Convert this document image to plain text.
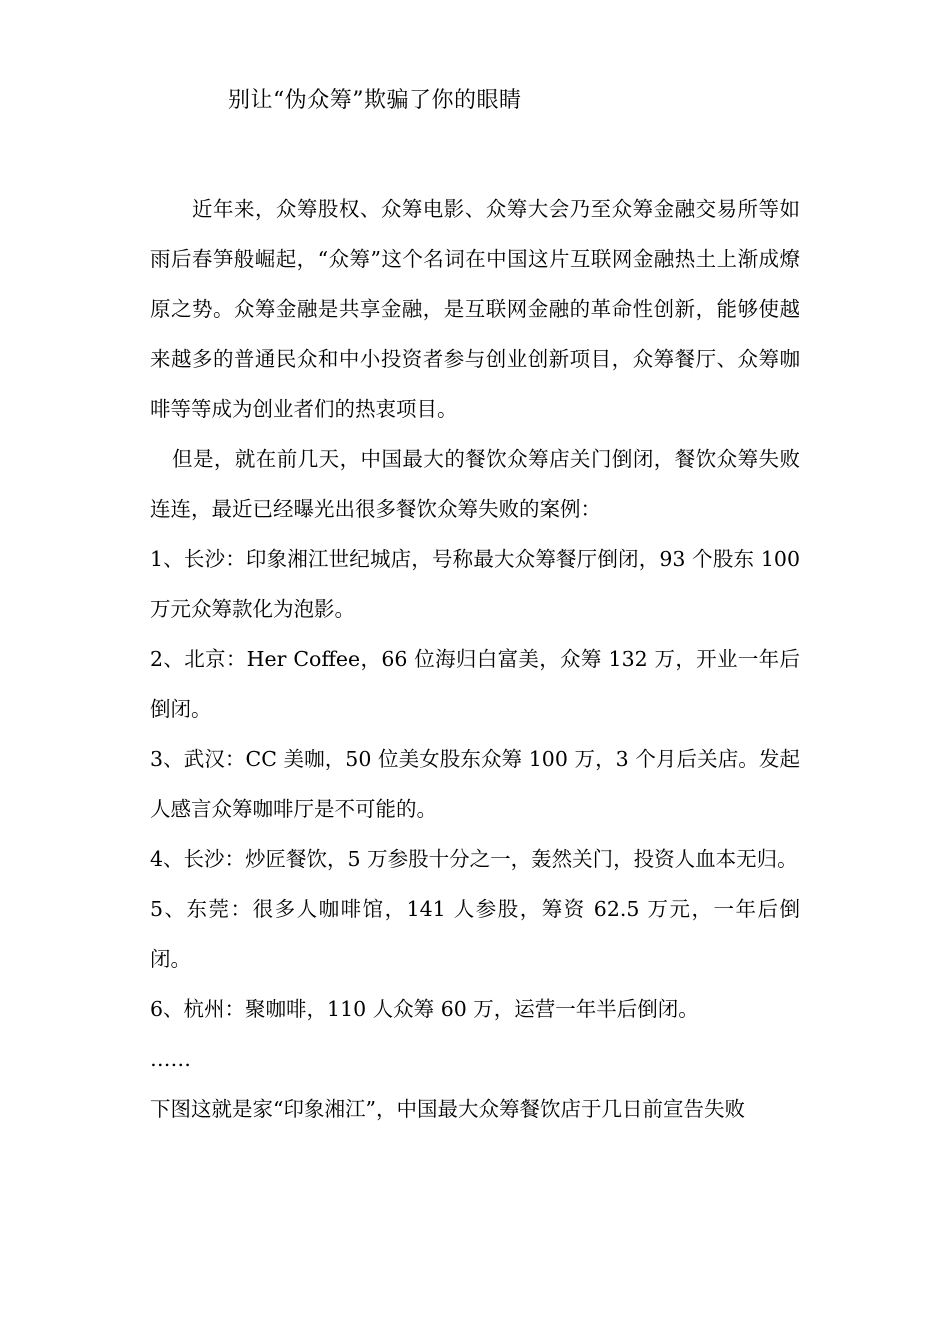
别让“伪众筹”欺骗了你的眼睛

近年来，众筹股权、众筹电影、众筹大会乃至众筹金融交易所等如雨后春笋般崛起，“众筹”这个名词在中国这片互联网金融热土上渐成燎原之势。众筹金融是共享金融，是互联网金融的革命性创新，能够使越来越多的普通民众和中小投资者参与创业创新项目，众筹餐厅、众筹咖啡等等成为创业者们的热衷项目。

但是，就在前几天，中国最大的餐饮众筹店关门倒闭，餐饮众筹失败连连，最近已经曝光出很多餐饮众筹失败的案例：

1、长沙：印象湘江世纪城店，号称最大众筹餐厅倒闭，93 个股东 100 万元众筹款化为泡影。

2、北京：Her Coffee，66 位海归白富美，众筹 132 万，开业一年后倒闭。

3、武汉：CC 美咖，50 位美女股东众筹 100 万，3 个月后关店。发起人感言众筹咖啡厅是不可能的。

4、长沙：炒匠餐饮，5 万参股十分之一，轰然关门，投资人血本无归。

5、东莞：很多人咖啡馆，141 人参股，筹资 62.5 万元，一年后倒闭。

6、杭州：聚咖啡，110 人众筹 60 万，运营一年半后倒闭。

……

下图这就是家“印象湘江”，中国最大众筹餐饮店于几日前宣告失败
